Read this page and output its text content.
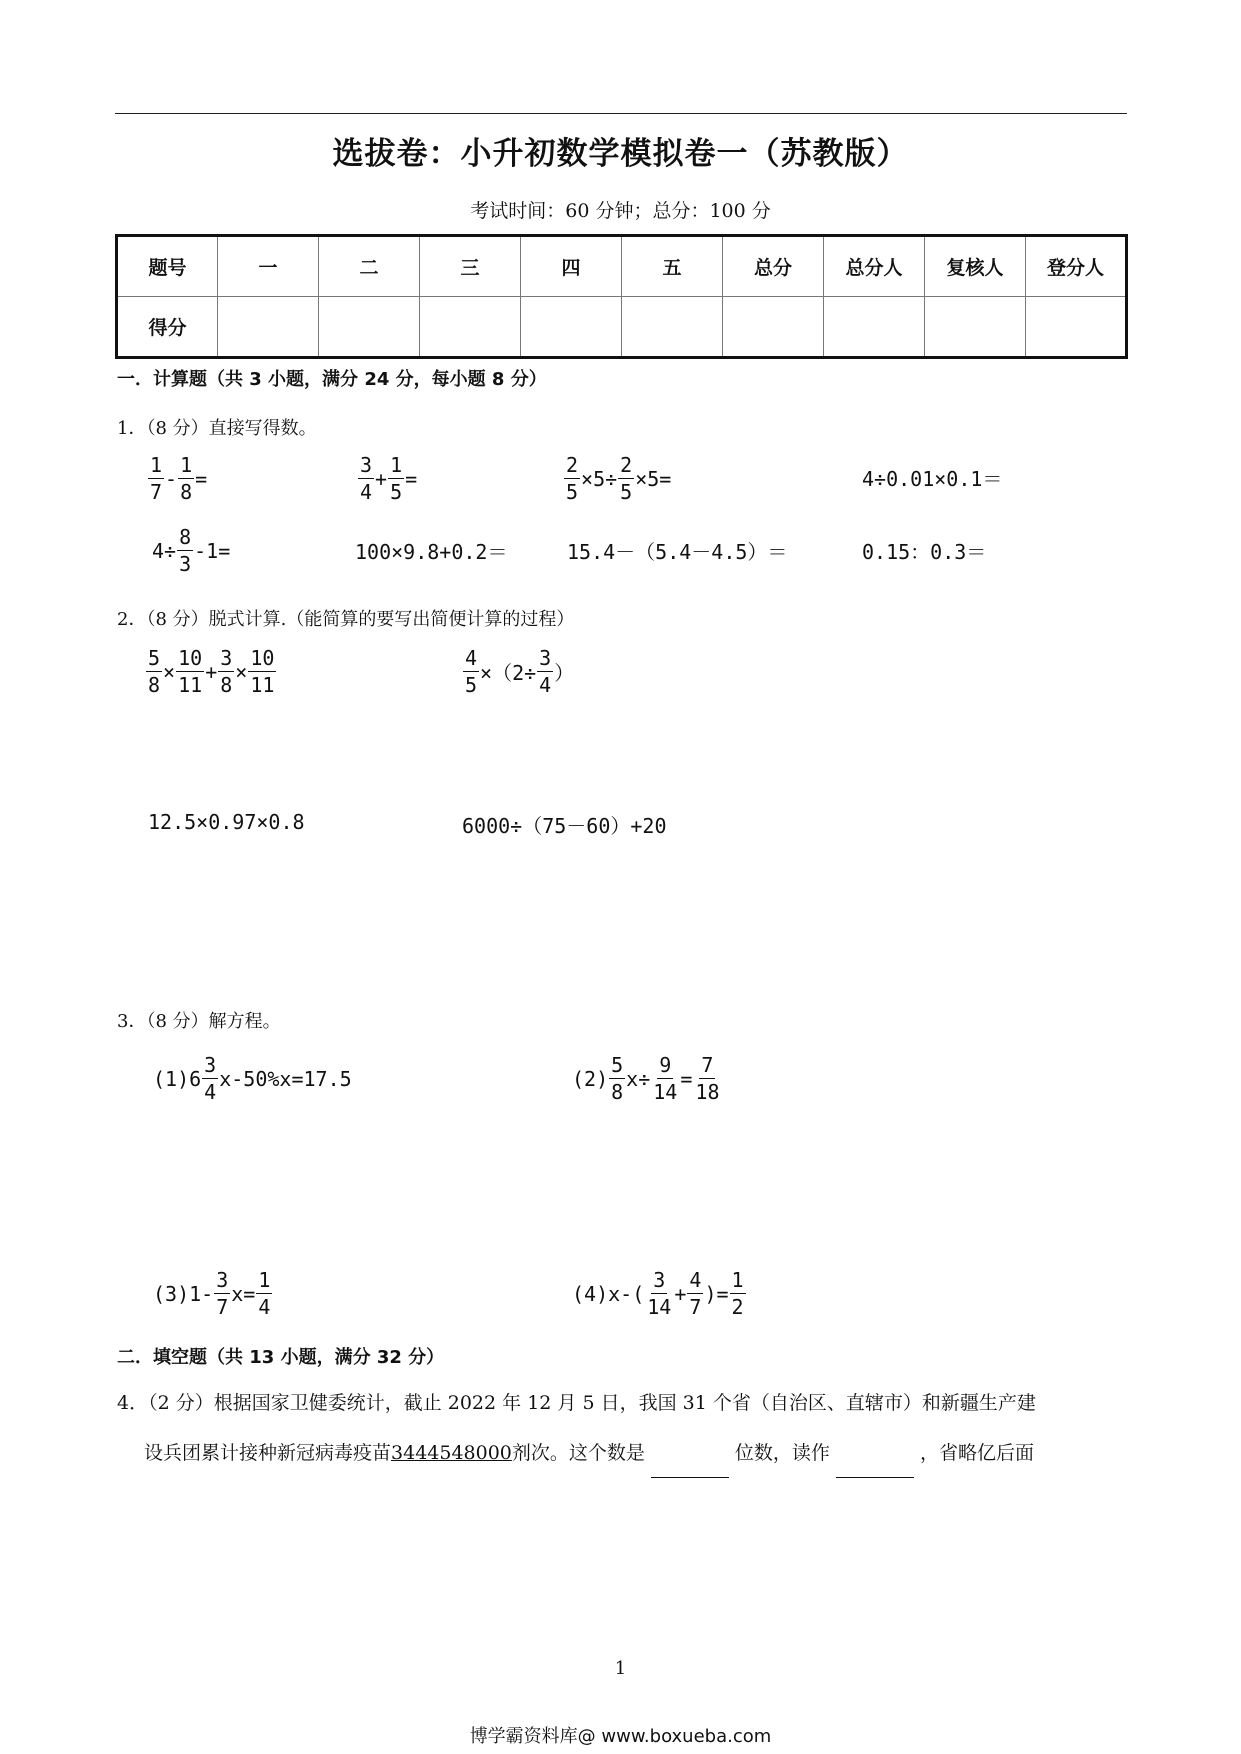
选拔卷：小升初数学模拟卷一（苏教版）
考试时间：60 分钟；总分：100 分
题号	一	二	三	四	五	总分	总分人	复核人	登分人
得分									
一．计算题（共 3 小题，满分 24 分，每小题 8 分）
1．（8 分）直接写得数。
$\frac{1}{7} - \frac{1}{8}$ =	$\frac{3}{4} + \frac{1}{5}$ =	$\frac{2}{5} \times 5\div \frac{2}{5} \times 5=$	4÷0.01×0.1＝
$4\div \frac{8}{3} -1=$	100×9.8+0.2＝	15.4－（5.4－4.5）＝	0.15：0.3＝
2．（8 分）脱式计算.（能简算的要写出简便计算的过程）
$\frac{5}{8} \times \frac{10}{11} + \frac{3}{8} \times \frac{10}{11}$	$\frac{4}{5} \times(2\div \frac{3}{4}$ ）
12.5×0.97×0.8	6000÷（75－60）+20
3．（8 分）解方程。
$(1)6 \frac{3}{4} x-50\%x=17.5$	$(2) \frac{5}{8} x\div \frac{9}{14} = \frac{7}{18}$
$(3)1- \frac{3}{7} x= \frac{1}{4}$	$(4)x-( \frac{3}{14} + \frac{4}{7}$ )= $\frac{1}{2}$
二．填空题（共 13 小题，满分 32 分）
4．（2 分）根据国家卫健委统计，截止 2022 年 12 月 5 日，我国 31 个省（自治区、直辖市）和新疆生产建
设兵团累计接种新冠病毒疫苗3444548000剂次。这个数是	位数，读作	，省略亿后面
1
博学霸资料库@ www.boxueba.com
